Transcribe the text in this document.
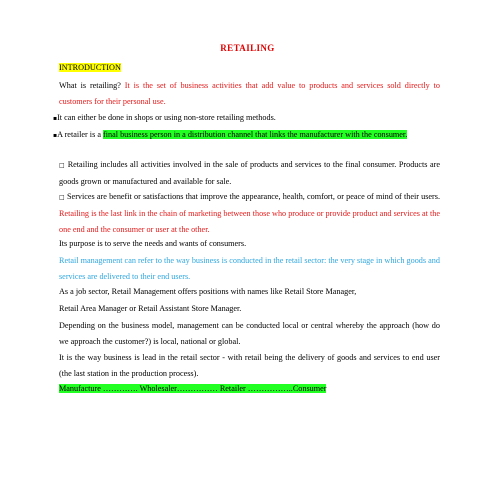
RETAILING

INTRODUCTION

What is retailing? It is the set of business activities that add value to products and services sold directly to customers for their personal use.

▪It can either be done in shops or using non-store retailing methods.

▪A retailer is a final business person in a distribution channel that links the manufacturer with the consumer.

□ Retailing includes all activities involved in the sale of products and services to the final consumer. Products are goods grown or manufactured and available for sale.

□ Services are benefit or satisfactions that improve the appearance, health, comfort, or peace of mind of their users. Retailing is the last link in the chain of marketing between those who produce or provide product and services at the one end and the consumer or user at the other.

Its purpose is to serve the needs and wants of consumers.

Retail management can refer to the way business is conducted in the retail sector: the very stage in which goods and services are delivered to their end users.

As a job sector, Retail Management offers positions with names like Retail Store Manager,

Retail Area Manager or Retail Assistant Store Manager.

Depending on the business model, management can be conducted local or central whereby the approach (how do we approach the customer?) is local, national or global.

It is the way business is lead in the retail sector - with retail being the delivery of goods and services to end user (the last station in the production process).

Manufacture …………. Wholesaler…………… Retailer ……………..Consumer
